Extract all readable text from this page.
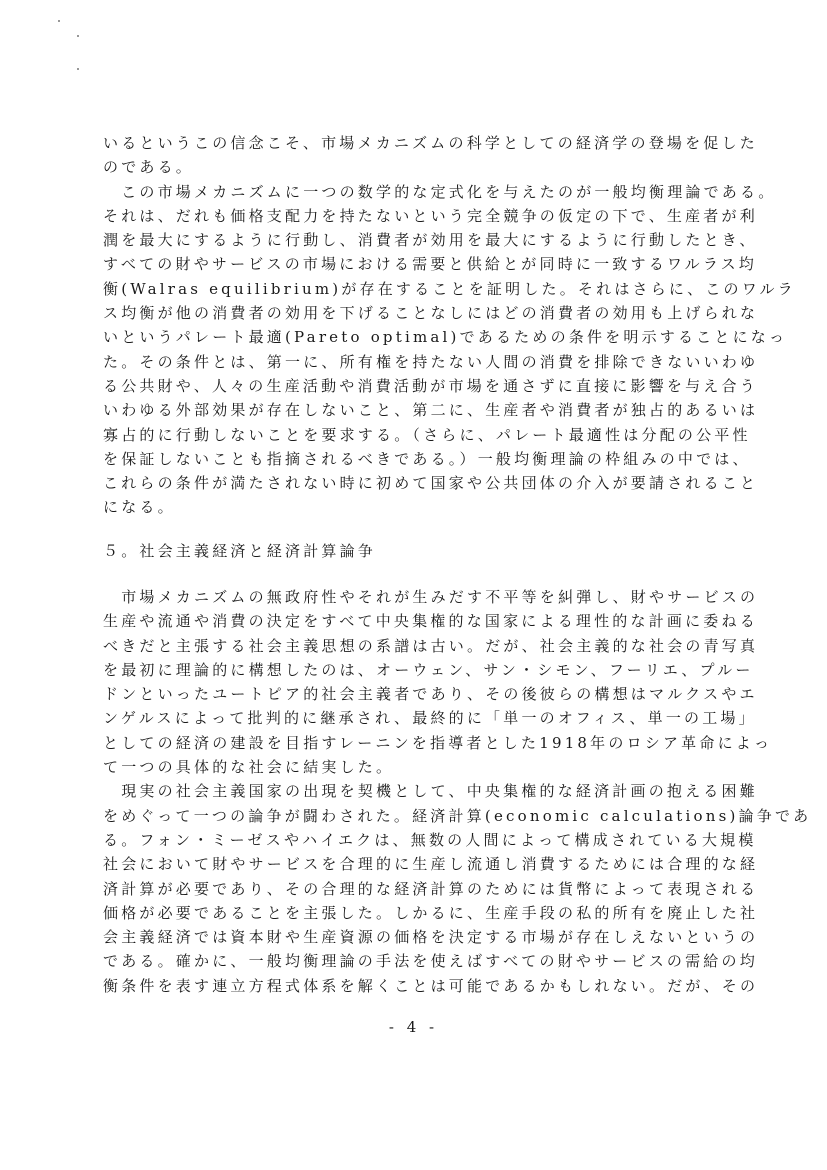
いるというこの信念こそ、市場メカニズムの科学としての経済学の登場を促した
のである。
　この市場メカニズムに一つの数学的な定式化を与えたのが一般均衡理論である。
それは、だれも価格支配力を持たないという完全競争の仮定の下で、生産者が利
潤を最大にするように行動し、消費者が効用を最大にするように行動したとき、
すべての財やサービスの市場における需要と供給とが同時に一致するワルラス均
衡(Walras equilibrium)が存在することを証明した。それはさらに、このワルラ
ス均衡が他の消費者の効用を下げることなしにはどの消費者の効用も上げられな
いというパレート最適(Pareto optimal)であるための条件を明示することになっ
た。その条件とは、第一に、所有権を持たない人間の消費を排除できないいわゆ
る公共財や、人々の生産活動や消費活動が市場を通さずに直接に影響を与え合う
いわゆる外部効果が存在しないこと、第二に、生産者や消費者が独占的あるいは
寡占的に行動しないことを要求する。（さらに、パレート最適性は分配の公平性
を保証しないことも指摘されるべきである。）一般均衡理論の枠組みの中では、
これらの条件が満たされない時に初めて国家や公共団体の介入が要請されること
になる。
５。社会主義経済と経済計算論争
　市場メカニズムの無政府性やそれが生みだす不平等を糾弾し、財やサービスの
生産や流通や消費の決定をすべて中央集権的な国家による理性的な計画に委ねる
べきだと主張する社会主義思想の系譜は古い。だが、社会主義的な社会の青写真
を最初に理論的に構想したのは、オーウェン、サン・シモン、フーリエ、プルー
ドンといったユートピア的社会主義者であり、その後彼らの構想はマルクスやエ
ンゲルスによって批判的に継承され、最終的に「単一のオフィス、単一の工場」
としての経済の建設を目指すレーニンを指導者とした1918年のロシア革命によっ
て一つの具体的な社会に結実した。
　現実の社会主義国家の出現を契機として、中央集権的な経済計画の抱える困難
をめぐって一つの論争が闘わされた。経済計算(economic calculations)論争であ
る。フォン・ミーゼスやハイエクは、無数の人間によって構成されている大規模
社会において財やサービスを合理的に生産し流通し消費するためには合理的な経
済計算が必要であり、その合理的な経済計算のためには貨幣によって表現される
価格が必要であることを主張した。しかるに、生産手段の私的所有を廃止した社
会主義経済では資本財や生産資源の価格を決定する市場が存在しえないというの
である。確かに、一般均衡理論の手法を使えばすべての財やサービスの需給の均
衡条件を表す連立方程式体系を解くことは可能であるかもしれない。だが、その
- 4 -
